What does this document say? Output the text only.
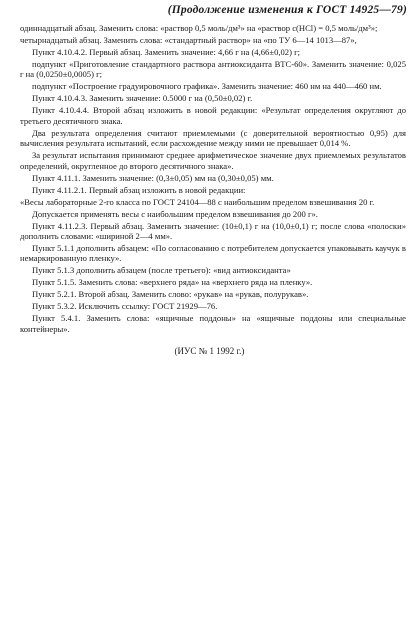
(Продолжение изменения к ГОСТ 14925—79)

одиннадцатый абзац. Заменить слова: «раствор 0,5 моль/дм³» на «раствор с(HCl) = 0,5 моль/дм³»;

четырнадцатый абзац. Заменить слова: «стандартный раствор» на «по ТУ 6—14 1013—87»,

Пункт 4.10.4.2. Первый абзац. Заменить значение: 4,66 г на (4,66±0,02) г;

подпункт «Приготовление стандартного раствора антиоксиданта ВТС-60». Заменить значение: 0,025 г на (0,0250±0,0005) г;

подпункт «Построение градуировочного графика». Заменить значение: 460 нм на 440—460 нм.

Пункт 4.10.4.3. Заменить значение: 0.5000 г на (0,50±0,02) г.

Пункт 4.10.4.4. Второй абзац изложить в новой редакции: «Результат определения округляют до третьего десятичного знака.

Два результата определения считают приемлемыми (с доверительной вероятностью 0,95) для вычисления результата испытаний, если расхождение между ними не превышает 0,014 %.

За результат испытания принимают среднее арифметическое значение двух приемлемых результатов определений, округленное до второго десятичного знака».

Пункт 4.11.1. Заменить значение: (0,3±0,05) мм на (0,30±0,05) мм.

Пункт 4.11.2.1. Первый абзац изложить в новой редакции:

«Весы лабораторные 2-го класса по ГОСТ 24104—88 с наибольшим пределом взвешивания 20 г.

Допускается применять весы с наибольшим пределом взвешивания до 200 г».

Пункт 4.11.2.3. Первый абзац. Заменить значение: (10±0,1) г на (10,0±0,1) г; после слова «полоски» дополнить словами: «шириной 2—4 мм».

Пункт 5.1.1 дополнить абзацем: «По согласованию с потребителем допускается упаковывать каучук в немаркированную пленку».

Пункт 5.1.3 дополнить абзацем (после третьего): «вид антиоксиданта»

Пункт 5.1.5. Заменить слова: «верхнего ряда» на «верхнего ряда на пленку».

Пункт 5.2.1. Второй абзац. Заменить слово: «рукав» на «рукав, полурукав».

Пункт 5.3.2. Исключить ссылку: ГОСТ 21929—76.

Пункт 5.4.1. Заменить слова: «ящичные поддоны» на «ящичные поддоны или специальные контейнеры».

(ИУС № 1 1992 г.)
